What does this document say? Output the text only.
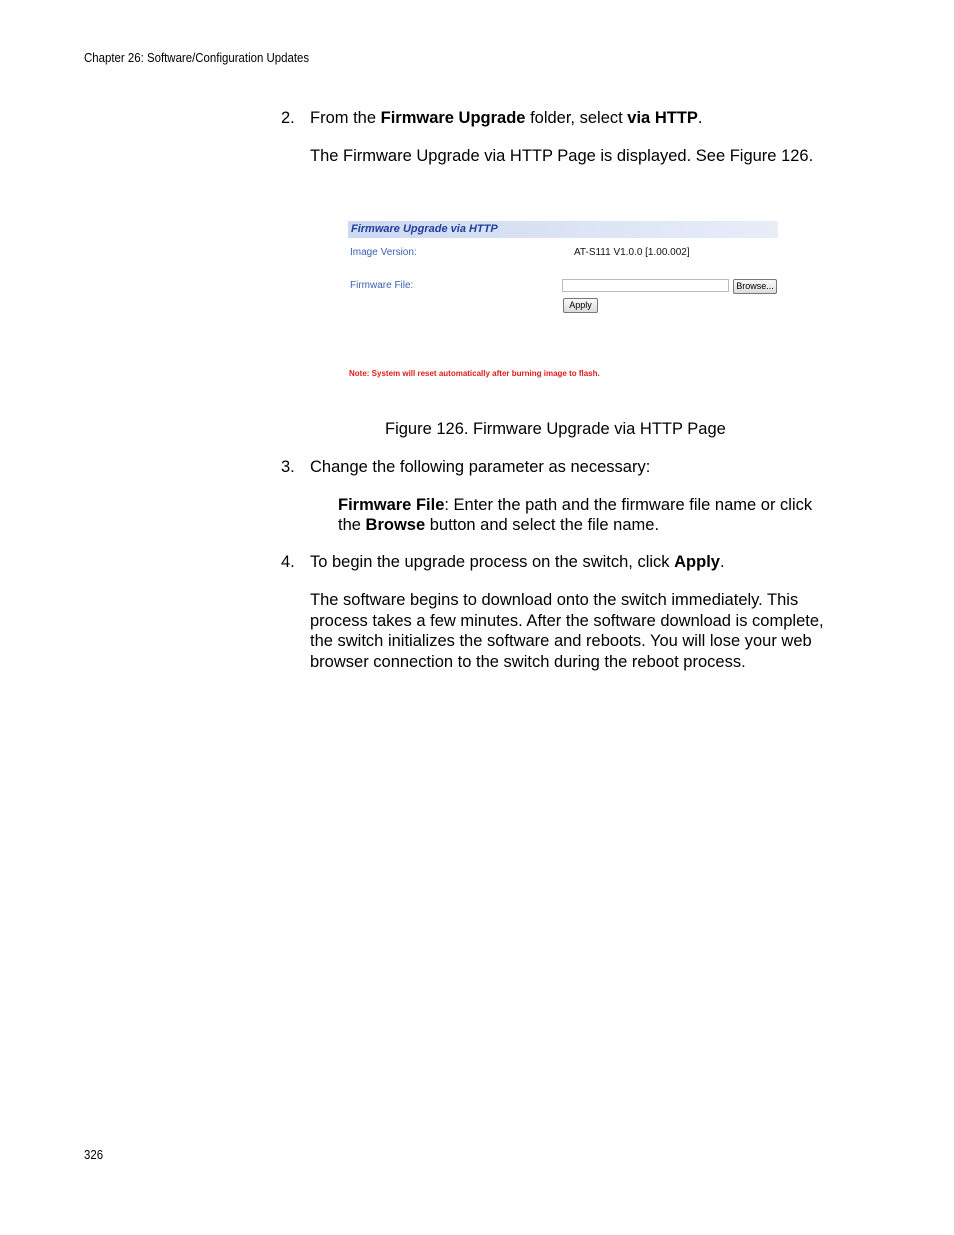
Chapter 26: Software/Configuration Updates
2. From the Firmware Upgrade folder, select via HTTP.
The Firmware Upgrade via HTTP Page is displayed. See Figure 126.
Firmware Upgrade via HTTP
Image Version:	AT-S111 V1.0.0 [1.00.002]
Firmware File:	Browse...
Apply
Note: System will reset automatically after burning image to flash.
Figure 126. Firmware Upgrade via HTTP Page
3. Change the following parameter as necessary:
Firmware File: Enter the path and the firmware file name or click
the Browse button and select the file name.
4. To begin the upgrade process on the switch, click Apply.
The software begins to download onto the switch immediately. This
process takes a few minutes. After the software download is complete,
the switch initializes the software and reboots. You will lose your web
browser connection to the switch during the reboot process.
326
